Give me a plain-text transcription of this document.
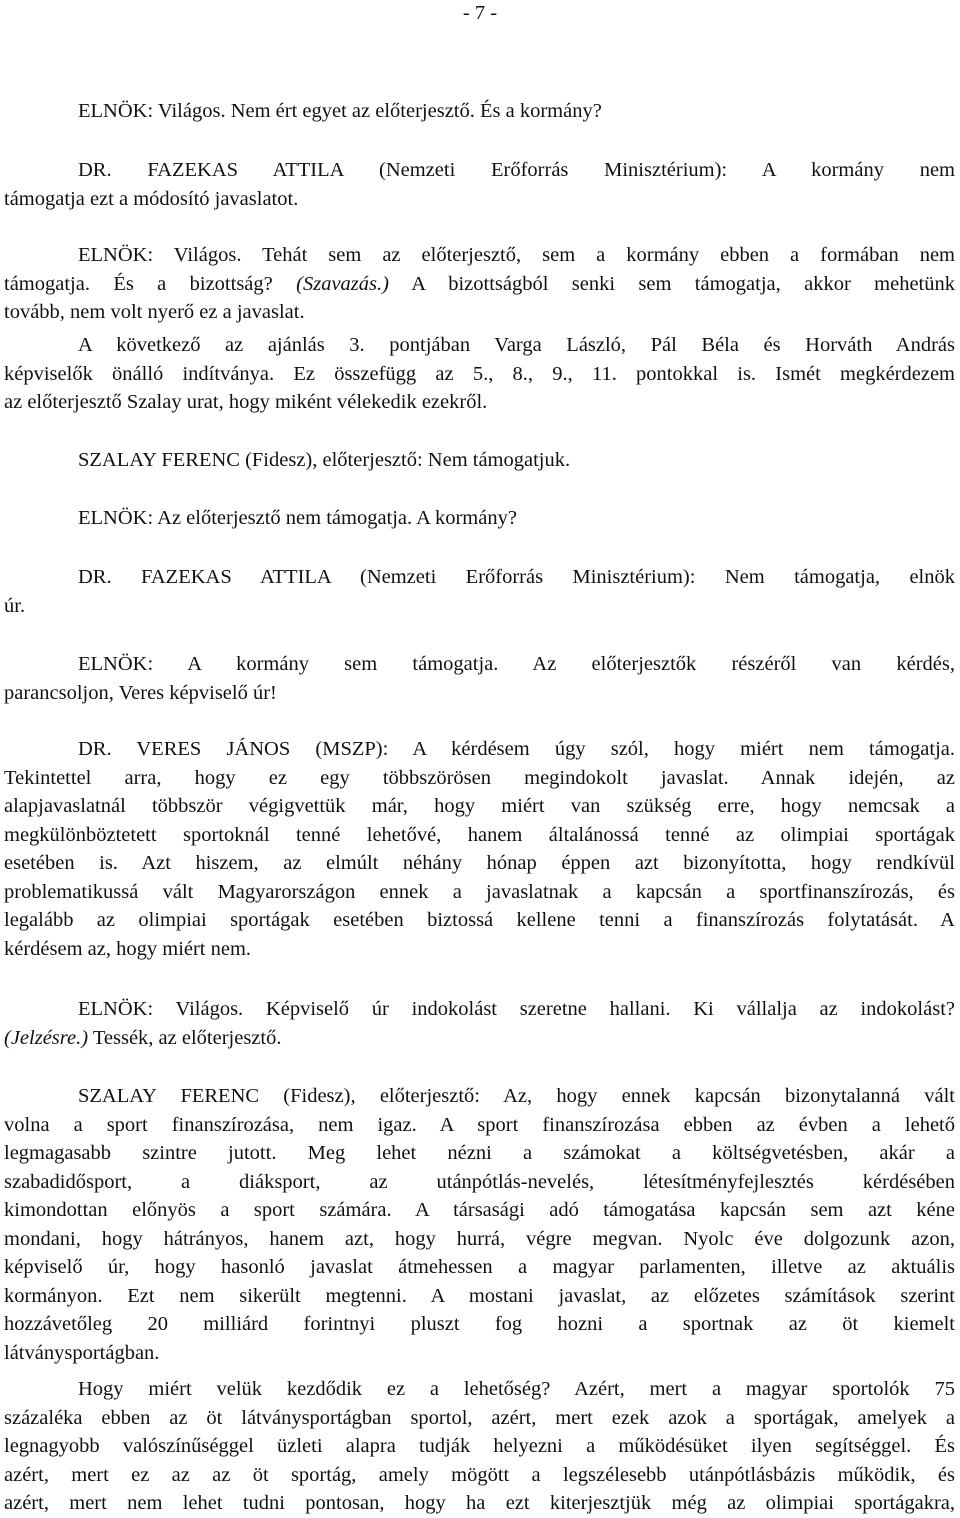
- 7 -
ELNÖK: Világos. Nem ért egyet az előterjesztő. És a kormány?
DR. FAZEKAS ATTILA (Nemzeti Erőforrás Minisztérium): A kormány nem
támogatja ezt a módosító javaslatot.
ELNÖK: Világos. Tehát sem az előterjesztő, sem a kormány ebben a formában nem
támogatja. És a bizottság? (Szavazás.) A bizottságból senki sem támogatja, akkor mehetünk
tovább, nem volt nyerő ez a javaslat.
A következő az ajánlás 3. pontjában Varga László, Pál Béla és Horváth András
képviselők önálló indítványa. Ez összefügg az 5., 8., 9., 11. pontokkal is. Ismét megkérdezem
az előterjesztő Szalay urat, hogy miként vélekedik ezekről.
SZALAY FERENC (Fidesz), előterjesztő: Nem támogatjuk.
ELNÖK: Az előterjesztő nem támogatja. A kormány?
DR. FAZEKAS ATTILA (Nemzeti Erőforrás Minisztérium): Nem támogatja, elnök
úr.
ELNÖK: A kormány sem támogatja. Az előterjesztők részéről van kérdés,
parancsoljon, Veres képviselő úr!
DR. VERES JÁNOS (MSZP): A kérdésem úgy szól, hogy miért nem támogatja.
Tekintettel arra, hogy ez egy többszörösen megindokolt javaslat. Annak idején, az
alapjavaslatnál többször végigvettük már, hogy miért van szükség erre, hogy nemcsak a
megkülönböztetett sportoknál tenné lehetővé, hanem általánossá tenné az olimpiai sportágak
esetében is. Azt hiszem, az elmúlt néhány hónap éppen azt bizonyította, hogy rendkívül
problematikussá vált Magyarországon ennek a javaslatnak a kapcsán a sportfinanszírozás, és
legalább az olimpiai sportágak esetében biztossá kellene tenni a finanszírozás folytatását. A
kérdésem az, hogy miért nem.
ELNÖK: Világos. Képviselő úr indokolást szeretne hallani. Ki vállalja az indokolást?
(Jelzésre.) Tessék, az előterjesztő.
SZALAY FERENC (Fidesz), előterjesztő: Az, hogy ennek kapcsán bizonytalanná vált
volna a sport finanszírozása, nem igaz. A sport finanszírozása ebben az évben a lehető
legmagasabb szintre jutott. Meg lehet nézni a számokat a költségvetésben, akár a
szabadidősport, a diáksport, az utánpótlás-nevelés, létesítményfejlesztés kérdésében
kimondottan előnyös a sport számára. A társasági adó támogatása kapcsán sem azt kéne
mondani, hogy hátrányos, hanem azt, hogy hurrá, végre megvan. Nyolc éve dolgozunk azon,
képviselő úr, hogy hasonló javaslat átmehessen a magyar parlamenten, illetve az aktuális
kormányon. Ezt nem sikerült megtenni. A mostani javaslat, az előzetes számítások szerint
hozzávetőleg 20 milliárd forintnyi pluszt fog hozni a sportnak az öt kiemelt
látványsportágban.
Hogy miért velük kezdődik ez a lehetőség? Azért, mert a magyar sportolók 75
százaléka ebben az öt látványsportágban sportol, azért, mert ezek azok a sportágak, amelyek a
legnagyobb valószínűséggel üzleti alapra tudják helyezni a működésüket ilyen segítséggel. És
azért, mert ez az az öt sportág, amely mögött a legszélesebb utánpótlásbázis működik, és
azért, mert nem lehet tudni pontosan, hogy ha ezt kiterjesztjük még az olimpiai sportágakra,
